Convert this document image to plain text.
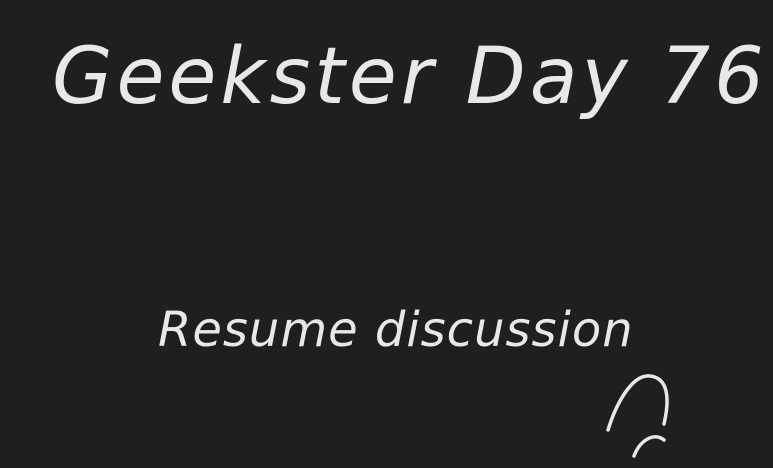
Geekster Day 76
Resume discussion
